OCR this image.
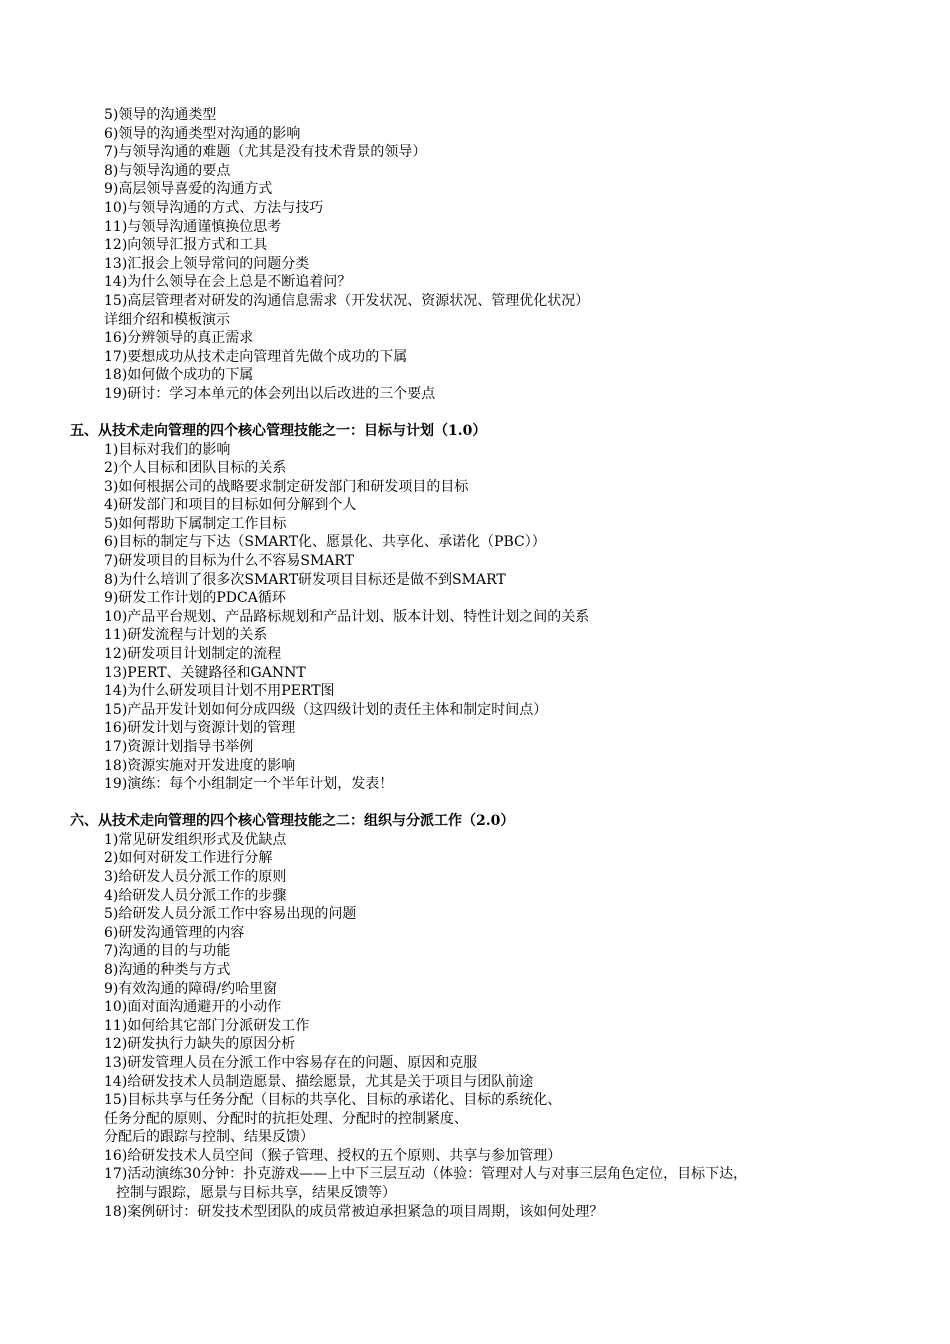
5)领导的沟通类型
6)领导的沟通类型对沟通的影响
7)与领导沟通的难题（尤其是没有技术背景的领导）
8)与领导沟通的要点
9)高层领导喜爱的沟通方式
10)与领导沟通的方式、方法与技巧
11)与领导沟通谨慎换位思考
12)向领导汇报方式和工具
13)汇报会上领导常问的问题分类
14)为什么领导在会上总是不断追着问？
15)高层管理者对研发的沟通信息需求（开发状况、资源状况、管理优化状况）
详细介绍和模板演示
16)分辨领导的真正需求
17)要想成功从技术走向管理首先做个成功的下属
18)如何做个成功的下属
19)研讨：学习本单元的体会列出以后改进的三个要点
五、从技术走向管理的四个核心管理技能之一：目标与计划（1.0）
1)目标对我们的影响
2)个人目标和团队目标的关系
3)如何根据公司的战略要求制定研发部门和研发项目的目标
4)研发部门和项目的目标如何分解到个人
5)如何帮助下属制定工作目标
6)目标的制定与下达（SMART化、愿景化、共享化、承诺化（PBC））
7)研发项目的目标为什么不容易SMART
8)为什么培训了很多次SMART研发项目目标还是做不到SMART
9)研发工作计划的PDCA循环
10)产品平台规划、产品路标规划和产品计划、版本计划、特性计划之间的关系
11)研发流程与计划的关系
12)研发项目计划制定的流程
13)PERT、关键路径和GANNT
14)为什么研发项目计划不用PERT图
15)产品开发计划如何分成四级（这四级计划的责任主体和制定时间点）
16)研发计划与资源计划的管理
17)资源计划指导书举例
18)资源实施对开发进度的影响
19)演练：每个小组制定一个半年计划，发表！
六、从技术走向管理的四个核心管理技能之二：组织与分派工作（2.0）
1)常见研发组织形式及优缺点
2)如何对研发工作进行分解
3)给研发人员分派工作的原则
4)给研发人员分派工作的步骤
5)给研发人员分派工作中容易出现的问题
6)研发沟通管理的内容
7)沟通的目的与功能
8)沟通的种类与方式
9)有效沟通的障碍/约哈里窗
10)面对面沟通避开的小动作
11)如何给其它部门分派研发工作
12)研发执行力缺失的原因分析
13)研发管理人员在分派工作中容易存在的问题、原因和克服
14)给研发技术人员制造愿景、描绘愿景，尤其是关于项目与团队前途
15)目标共享与任务分配（目标的共享化、目标的承诺化、目标的系统化、
任务分配的原则、分配时的抗拒处理、分配时的控制紧度、
分配后的跟踪与控制、结果反馈）
16)给研发技术人员空间（猴子管理、授权的五个原则、共享与参加管理）
17)活动演练30分钟：扑克游戏——上中下三层互动（体验：管理对人与对事三层角色定位，目标下达，
控制与跟踪，愿景与目标共享，结果反馈等）
18)案例研讨：研发技术型团队的成员常被迫承担紧急的项目周期，该如何处理？
